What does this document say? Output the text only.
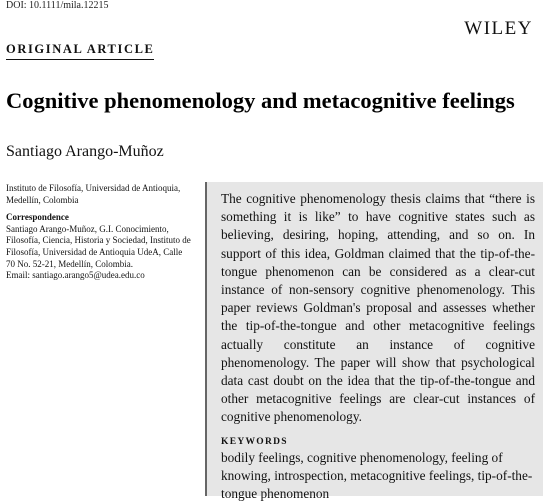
DOI: 10.1111/mila.12215
WILEY
ORIGINAL ARTICLE
Cognitive phenomenology and metacognitive feelings
Santiago Arango-Muñoz

Instituto de Filosofía, Universidad de Antioquia, Medellín, Colombia

Correspondence

Santiago Arango-Muñoz, G.I. Conocimiento,
Filosofía, Ciencia, Historia y Sociedad, Instituto de
Filosofía, Universidad de Antioquia UdeA, Calle
70 No. 52-21, Medellín, Colombia.
Email: santiago.arango5@udea.edu.co

The cognitive phenomenology thesis claims that “there is something it is like” to have cognitive states such as believing, desiring, hoping, attending, and so on. In support of this idea, Goldman claimed that the tip-of-the-tongue phenomenon can be considered as a clear-cut instance of non-sensory cognitive phenomenology. This paper reviews Goldman's proposal and assesses whether the tip-of-the-tongue and other metacognitive feelings actually constitute an instance of cognitive phenomenology. The paper will show that psychological data cast doubt on the idea that the tip-of-the-tongue and other metacognitive feelings are clear-cut instances of cognitive phenomenology.

KEYWORDS

bodily feelings, cognitive phenomenology, feeling of knowing, introspection, metacognitive feelings, tip-of-the-tongue phenomenon
